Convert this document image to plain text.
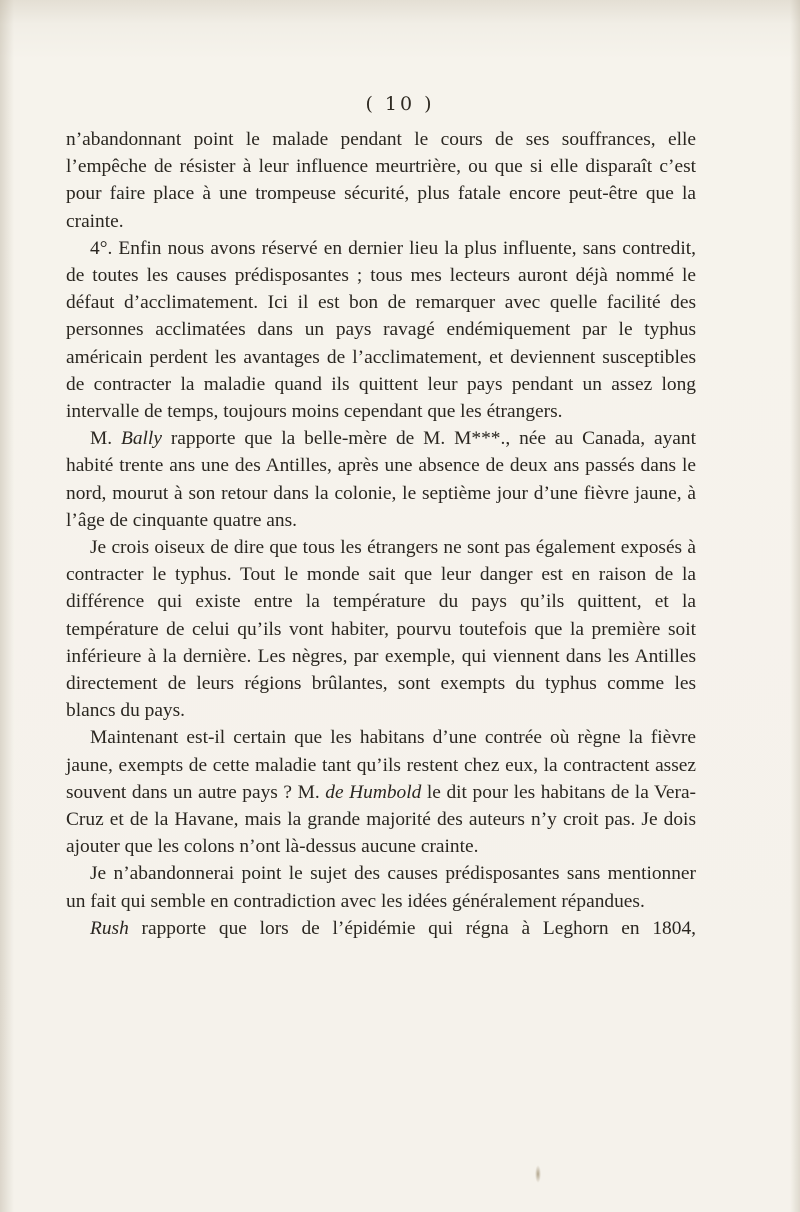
( 10 )

n’abandonnant point le malade pendant le cours de ses souffrances, elle l’empêche de résister à leur influence meurtrière, ou que si elle disparaît c’est pour faire place à une trompeuse sécurité, plus fatale encore peut-être que la crainte.

4°. Enfin nous avons réservé en dernier lieu la plus influente, sans contredit, de toutes les causes prédisposantes ; tous mes lecteurs auront déjà nommé le défaut d’acclimatement. Ici il est bon de remarquer avec quelle facilité des personnes acclimatées dans un pays ravagé endémiquement par le typhus américain perdent les avantages de l’acclimatement, et deviennent susceptibles de contracter la maladie quand ils quittent leur pays pendant un assez long intervalle de temps, toujours moins cependant que les étrangers.

M. Bally rapporte que la belle-mère de M. M***., née au Canada, ayant habité trente ans une des Antilles, après une absence de deux ans passés dans le nord, mourut à son retour dans la colonie, le septième jour d’une fièvre jaune, à l’âge de cinquante quatre ans.

Je crois oiseux de dire que tous les étrangers ne sont pas également exposés à contracter le typhus. Tout le monde sait que leur danger est en raison de la différence qui existe entre la température du pays qu’ils quittent, et la température de celui qu’ils vont habiter, pourvu toutefois que la première soit inférieure à la dernière. Les nègres, par exemple, qui viennent dans les Antilles directement de leurs régions brûlantes, sont exempts du typhus comme les blancs du pays.

Maintenant est-il certain que les habitans d’une contrée où règne la fièvre jaune, exempts de cette maladie tant qu’ils restent chez eux, la contractent assez souvent dans un autre pays ? M. de Humbold le dit pour les habitans de la Vera-Cruz et de la Havane, mais la grande majorité des auteurs n’y croit pas. Je dois ajouter que les colons n’ont là-dessus aucune crainte.

Je n’abandonnerai point le sujet des causes prédisposantes sans mentionner un fait qui semble en contradiction avec les idées généralement répandues.

Rush rapporte que lors de l’épidémie qui régna à Leghorn en 1804,
